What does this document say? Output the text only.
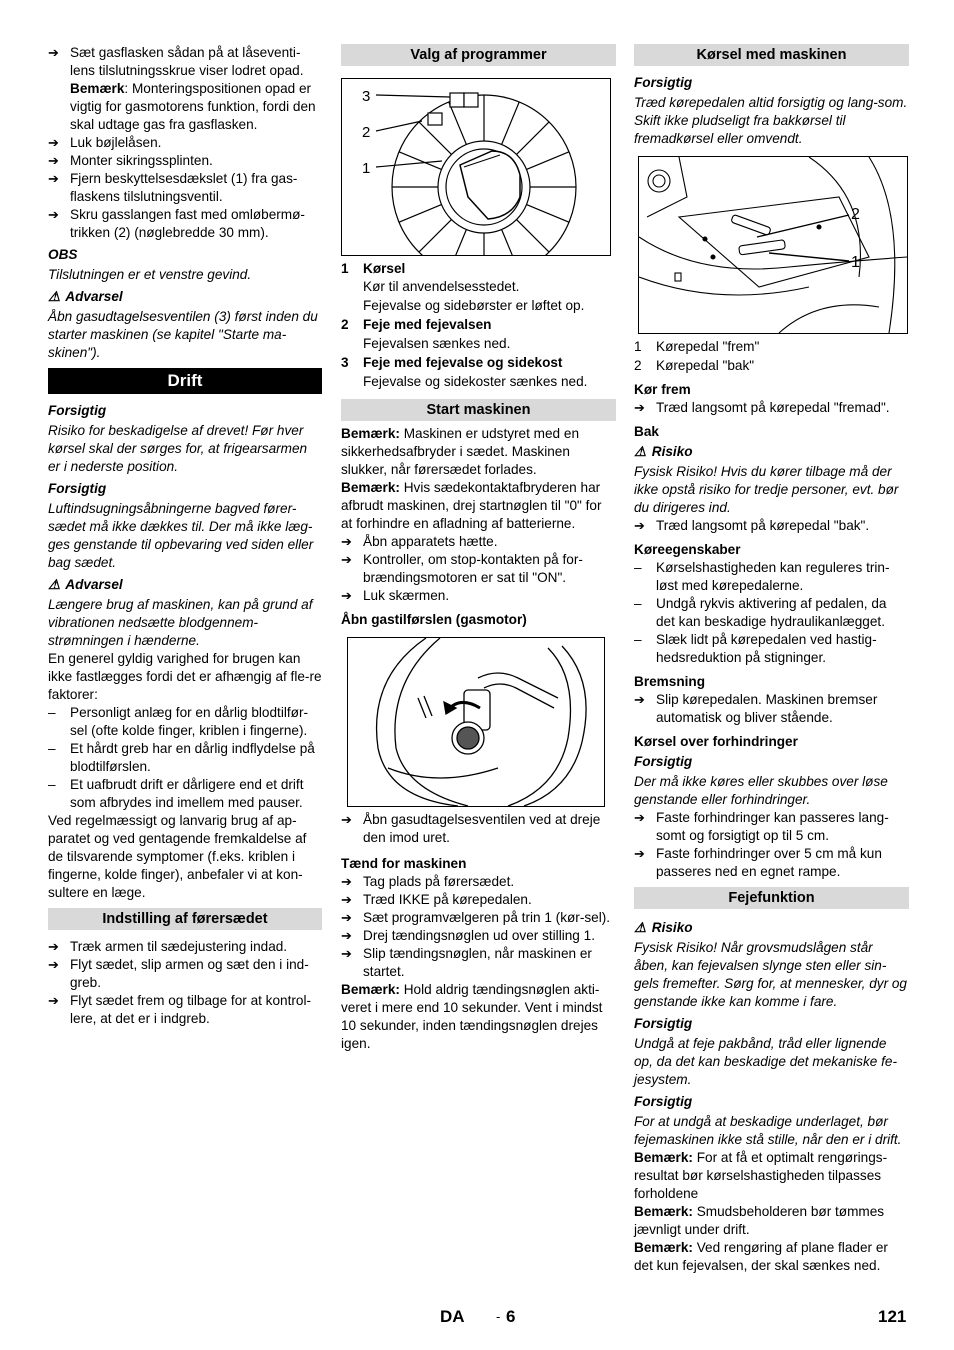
➔ Sæt gasflasken sådan på at låseventi-lens tilslutningsskrue viser lodret opad.

Bemærk: Monteringspositionen opad er vigtig for gasmotorens funktion, fordi den skal udtage gas fra gasflasken.

➔ Luk bøjlelåsen.
➔ Monter sikringssplinten.
➔ Fjern beskyttelsesdækslet (1) fra gas-flaskens tilslutningsventil.
➔ Skru gasslangen fast med omløbermø-trikken (2) (nøglebredde 30 mm).

OBS

Tilslutningen er et venstre gevind.

⚠ Advarsel

Åbn gasudtagelsesventilen (3) først inden du starter maskinen (se kapitel "Starte ma-skinen").

Drift

Forsigtig

Risiko for beskadigelse af drevet! Før hver kørsel skal der sørges for, at frigearsarmen er i nederste position.

Forsigtig

Luftindsugningsåbningerne bagved fører-sædet må ikke dækkes til. Der må ikke læg-ges genstande til opbevaring ved siden eller bag sædet.

⚠ Advarsel

Længere brug af maskinen, kan på grund af vibrationen nedsætte blodgennem-strømningen i hænderne.

En generel gyldig varighed for brugen kan ikke fastlægges fordi det er afhængig af fle-re faktorer:

– Personligt anlæg for en dårlig blodtilfør-sel (ofte kolde finger, kriblen i fingerne).
– Et hårdt greb har en dårlig indflydelse på blodtilførslen.
– Et uafbrudt drift er dårligere end et drift som afbrydes ind imellem med pauser.

Ved regelmæssigt og lanvarig brug af ap-paratet og ved gentagende fremkaldelse af de tilsvarende symptomer (f.eks. kriblen i fingerne, kolde finger), anbefaler vi at kon-sultere en læge.

Indstilling af førersædet
➔ Træk armen til sædejustering indad.
➔ Flyt sædet, slip armen og sæt den i ind-greb.
➔ Flyt sædet frem og tilbage for at kontrol-lere, at det er i indgreb.
Valg af programmer
3
2
1
1 Kørsel

Kør til anvendelsesstedet.

Fejevalse og sidebørster er løftet op.

2 Feje med fejevalsen

Fejevalsen sænkes ned.

3 Feje med fejevalse og sidekost

Fejevalse og sidekoster sænkes ned.

Start maskinen

Bemærk: Maskinen er udstyret med en sikkerhedsafbryder i sædet. Maskinen slukker, når førersædet forlades.

Bemærk: Hvis sædekontaktafbryderen har afbrudt maskinen, drej startnøglen til "0" for at forhindre en afladning af batterierne.

➔ Åbn apparatets hætte.
➔ Kontroller, om stop-kontakten på for-brændingsmotoren er sat til "ON".
➔ Luk skærmen.

Åbn gastilførslen (gasmotor)

➔ Åbn gasudtagelsesventilen ved at dreje den imod uret.

Tænd for maskinen

➔ Tag plads på førersædet.
➔ Træd IKKE på kørepedalen.
➔ Sæt programvælgeren på trin 1 (kør-sel).
➔ Drej tændingsnøglen ud over stilling 1.
➔ Slip tændingsnøglen, når maskinen er startet.

Bemærk: Hold aldrig tændingsnøglen akti-veret i mere end 10 sekunder. Vent i mindst 10 sekunder, inden tændingsnøglen drejes igen.

Kørsel med maskinen

Forsigtig

Træd kørepedalen altid forsigtig og lang-som. Skift ikke pludseligt fra bakkørsel til fremadkørsel eller omvendt.

2
1
1 Kørepedal "frem"
2 Kørepedal "bak"

Kør frem

➔ Træd langsomt på kørepedal "fremad".

Bak

⚠ Risiko

Fysisk Risiko! Hvis du kører tilbage må der ikke opstå risiko for tredje personer, evt. bør du dirigeres ind.

➔ Træd langsomt på kørepedal "bak".

Køreegenskaber

– Kørselshastigheden kan reguleres trin-løst med kørepedalerne.
– Undgå rykvis aktivering af pedalen, da det kan beskadige hydraulikanlægget.
– Slæk lidt på kørepedalen ved hastig-hedsreduktion på stigninger.

Bremsning

➔ Slip kørepedalen. Maskinen bremser automatisk og bliver stående.

Kørsel over forhindringer

Forsigtig

Der må ikke køres eller skubbes over løse genstande eller forhindringer.

➔ Faste forhindringer kan passeres lang-somt og forsigtigt op til 5 cm.
➔ Faste forhindringer over 5 cm må kun passeres ned en egnet rampe.
Fejefunktion

⚠ Risiko

Fysisk Risiko! Når grovsmudslågen står åben, kan fejevalsen slynge sten eller sin-gels fremefter. Sørg for, at mennesker, dyr og genstande ikke kan komme i fare.

Forsigtig

Undgå at feje pakbånd, tråd eller lignende op, da det kan beskadige det mekaniske fe-jesystem.

Forsigtig

For at undgå at beskadige underlaget, bør fejemaskinen ikke stå stille, når den er i drift.

Bemærk: For at få et optimalt rengørings-resultat bør kørselshastigheden tilpasses forholdene

Bemærk: Smudsbeholderen bør tømmes jævnligt under drift.

Bemærk: Ved rengøring af plane flader er det kun fejevalsen, der skal sænkes ned.

DA - 6	121
